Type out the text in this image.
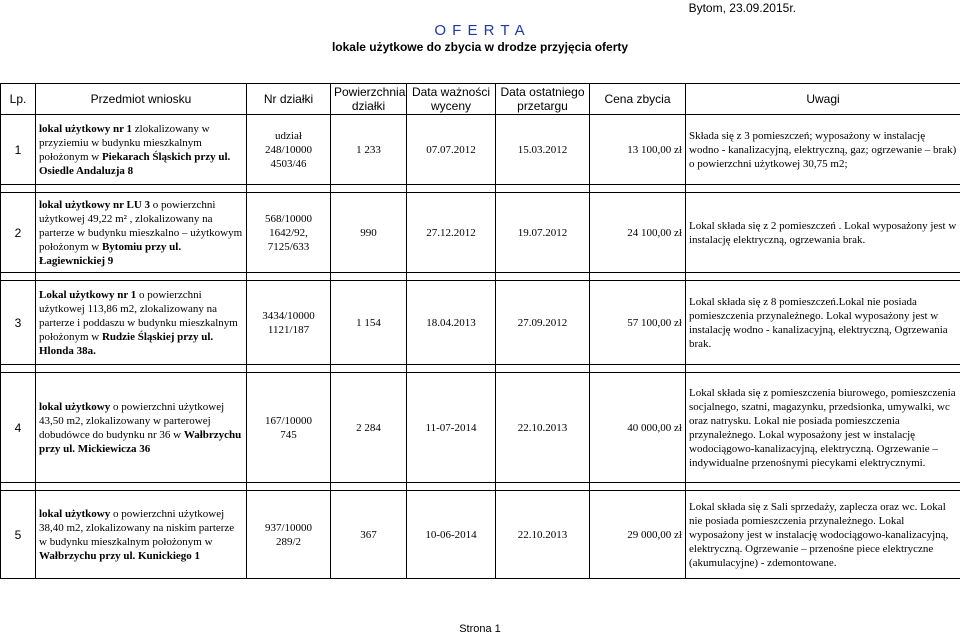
Bytom, 23.09.2015r.
O F E R T A
lokale użytkowe do zbycia w drodze przyjęcia oferty
Lp.	Przedmiot wniosku	Nr działki	Powierzchnia działki	Data ważności wyceny	Data ostatniego przetargu	Cena zbycia	Uwagi
1	lokal użytkowy nr 1 zlokalizowany w przyziemiu w budynku mieszkalnym położonym w Piekarach Śląskich przy ul. Osiedle Andaluzja 8	udział
248/10000
4503/46	1 233	07.07.2012	15.03.2012	13 100,00 zł	Składa się z 3 pomieszczeń; wyposażony w instalację wodno - kanalizacyjną, elektryczną, gaz; ogrzewanie – brak) o powierzchni użytkowej 30,75 m2;

2	lokal użytkowy nr LU 3 o powierzchni użytkowej 49,22 m² , zlokalizowany na parterze w budynku mieszkalno – użytkowym położonym w Bytomiu przy ul. Łagiewnickiej 9	568/10000
1642/92, 7125/633	990	27.12.2012	19.07.2012	24 100,00 zł	Lokal składa się z 2 pomieszczeń . Lokal wyposażony jest w instalację elektryczną, ogrzewania brak.

3	Lokal użytkowy nr 1 o powierzchni użytkowej 113,86 m2, zlokalizowany na parterze i poddaszu w budynku mieszkalnym położonym w Rudzie Śląskiej przy ul. Hlonda 38a.	3434/10000
1121/187	1 154	18.04.2013	27.09.2012	57 100,00 zł	Lokal składa się z 8 pomieszczeń.Lokal nie posiada pomieszczenia przynależnego. Lokal wyposażony jest w instalację wodno - kanalizacyjną, elektryczną, Ogrzewania brak.

4	lokal użytkowy o powierzchni użytkowej 43,50 m2, zlokalizowany w parterowej dobudówce do budynku nr 36 w Wałbrzychu przy ul. Mickiewicza 36	167/10000
745	2 284	11-07-2014	22.10.2013	40 000,00 zł	Lokal składa się z pomieszczenia biurowego, pomieszczenia socjalnego, szatni, magazynku, przedsionka, umywalki, wc oraz natrysku. Lokal nie posiada pomieszczenia przynależnego. Lokal wyposażony jest w instalację wodociągowo-kanalizacyjną, elektryczną. Ogrzewanie – indywidualne przenośnymi piecykami elektrycznymi.

5	lokal użytkowy o powierzchni użytkowej 38,40 m2, zlokalizowany na niskim parterze w budynku mieszkalnym położonym w Wałbrzychu przy ul. Kunickiego 1	937/10000
289/2	367	10-06-2014	22.10.2013	29 000,00 zł	Lokal składa się z Sali sprzedaży, zaplecza oraz wc. Lokal nie posiada pomieszczenia przynależnego. Lokal wyposażony jest w instalację wodociągowo-kanalizacyjną, elektryczną. Ogrzewanie – przenośne piece elektryczne (akumulacyjne) - zdemontowane.
Strona 1
